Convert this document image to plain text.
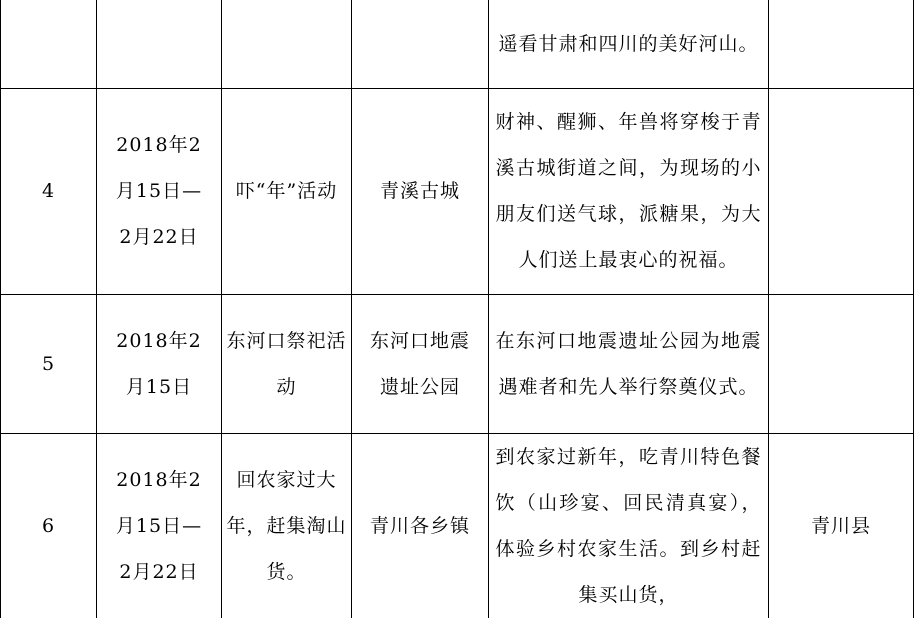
				遥看甘肃和四川的美好河山。	
4	2018年2月15日—2月22日	吓“年”活动	青溪古城	财神、醒狮、年兽将穿梭于青溪古城街道之间，为现场的小朋友们送气球，派糖果，为大人们送上最衷心的祝福。	
5	2018年2月15日	东河口祭祀活动	东河口地震遗址公园	在东河口地震遗址公园为地震遇难者和先人举行祭奠仪式。	
6	2018年2月15日—2月22日	回农家过大年，赶集淘山货。	青川各乡镇	到农家过新年，吃青川特色餐饮（山珍宴、回民清真宴），体验乡村农家生活。到乡村赶集买山货，	青川县
